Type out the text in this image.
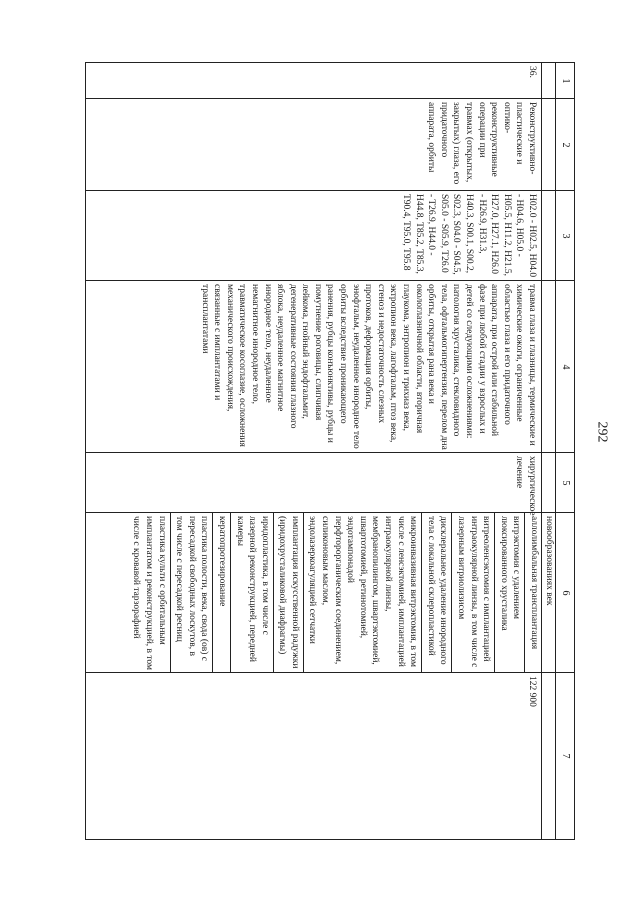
292
1
2
3
4
5
6
7
новообразованиях век
36.
Реконструктивно-пластические и оптико-реконструктивные операции при травмах (открытых, закрытых) глаза, его придаточного аппарата, орбиты
H02.0 - H02.5, H04.0 - H04.6, H05.0 - H05.5, H11.2, H21.5, H27.0, H27.1, H26.0 - H26.9, H31.3, H40.3, S00.1, S00.2, S02.3, S04.0 - S04.5, S05.0 - S05.9, T26.0 - T26.9, H44.0 - H44.8, T85.2, T85.3, T90.4, T95.0, T95.8
травма глаза и глазницы, термические и химические ожоги, ограниченные областью глаза и его придаточного аппарата, при острой или стабильной фазе при любой стадии у взрослых и детей со следующими осложнениями: патология хрусталика, стекловидного тела, офтальмогипертензия, перелом дна орбиты, открытая рана века и окологлазничной области, вторичная глаукома, энтропион и трихиаз века, эктропион века, лагофтальм, птоз века, стеноз и недостаточность слезных протоков, деформация орбиты, энофтальм, неудаленное инородное тело орбиты вследствие проникающего ранения, рубцы конъюнктивы, рубцы и помутнение роговицы, слипчивая лейкома, гнойный эндофтальмит, дегенеративные состояния глазного яблока, неудаленное магнитное инородное тело, неудаленное немагнитное инородное тело, травматическое косоглазие, осложнения механического происхождения, связанные с имплантатами и трансплантатами
хирургическое лечение
122 900
аллолимбальная трансплантация
витрэктомия с удалением люксированного хрусталика
витреоленсэктомия с имплантацией интраокулярной линзы, в том числе с лазерным витриолизисом
дисклеральное удаление инородного тела с локальной склеропластикой
микроинвазивная витрэктомия, в том числе с ленсэктомией, имплантацией интраокулярной линзы, мембранопилингом, швартэктомией, швартотомией, ретинотомией, эндотампонадой перфторорганическим соединением, силиконовым маслом, эндолазеркоагуляцией сетчатки
имплантация искусственной радужки (иридохрусталиковой диафрагмы)
иридопластика, в том числе с лазерной реконструкцией, передней камеры
кератопротезирование
пластика полости, века, свода (ов) с пересадкой свободных лоскутов, в том числе с пересадкой ресниц
пластика культи с орбитальным имплантатом и реконструкцией, в том числе с кровавой тарзорафией
